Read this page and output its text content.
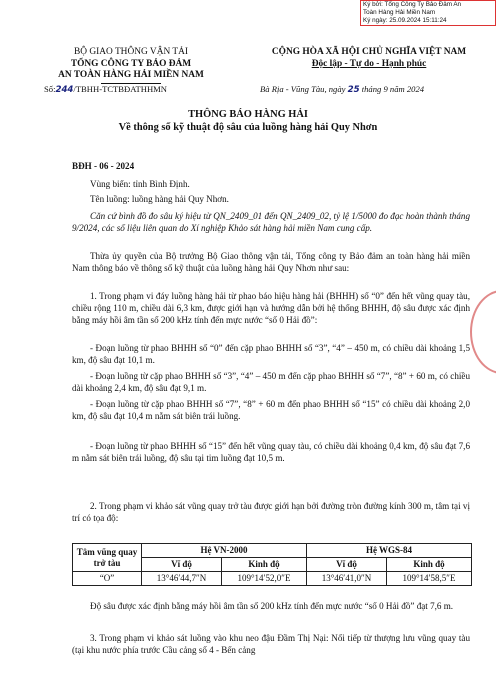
Ký bởi: Tổng Công Ty Bảo Đảm An
Toàn Hàng Hải Miền Nam
Ký ngày: 25.09.2024 15:11:24
BỘ GIAO THÔNG VẬN TẢI
TỔNG CÔNG TY BẢO ĐẢM
AN TOÀN HÀNG HẢI MIỀN NAM
CỘNG HÒA XÃ HỘI CHỦ NGHĨA VIỆT NAM
Độc lập - Tự do - Hạnh phúc
Số:244/TBHH-TCTBĐATHHMN	Bà Rịa - Vũng Tàu, ngày 25 tháng 9 năm 2024
THÔNG BÁO HÀNG HẢI
Về thông số kỹ thuật độ sâu của luồng hàng hải Quy Nhơn
BĐH - 06 - 2024
Vùng biển: tỉnh Bình Định.
Tên luồng: luồng hàng hải Quy Nhơn.
Căn cứ bình đồ đo sâu ký hiệu từ QN_2409_01 đến QN_2409_02, tỷ lệ 1/5000 đo đạc hoàn thành tháng 9/2024, các số liệu liên quan do Xí nghiệp Khảo sát hàng hải miền Nam cung cấp.
Thừa ủy quyền của Bộ trưởng Bộ Giao thông vận tải, Tổng công ty Bảo đảm an toàn hàng hải miền Nam thông báo về thông số kỹ thuật của luồng hàng hải Quy Nhơn như sau:
1. Trong phạm vi đáy luồng hàng hải từ phao báo hiệu hàng hải (BHHH) số “0” đến hết vũng quay tàu, chiều rộng 110 m, chiều dài 6,3 km, được giới hạn và hướng dẫn bởi hệ thống BHHH, độ sâu được xác định bằng máy hồi âm tần số 200 kHz tính đến mực nước “số 0 Hải đồ”:
- Đoạn luồng từ phao BHHH số “0” đến cặp phao BHHH số “3”, “4” – 450 m, có chiều dài khoảng 1,5 km, độ sâu đạt 10,1 m.
- Đoạn luồng từ cặp phao BHHH số “3”, “4” – 450 m đến cặp phao BHHH số “7”, “8” + 60 m, có chiều dài khoảng 2,4 km, độ sâu đạt 9,1 m.
- Đoạn luồng từ cặp phao BHHH số “7”, “8” + 60 m đến phao BHHH số “15” có chiều dài khoảng 2,0 km, độ sâu đạt 10,4 m nằm sát biên trái luồng.
- Đoạn luồng từ phao BHHH số “15” đến hết vũng quay tàu, có chiều dài khoảng 0,4 km, độ sâu đạt 7,6 m nằm sát biên trái luồng, độ sâu tại tim luồng đạt 10,5 m.
2. Trong phạm vi khảo sát vũng quay trở tàu được giới hạn bởi đường tròn đường kính 300 m, tâm tại vị trí có tọa độ:
Tâm vũng quay trở tàu	Hệ VN-2000		Hệ WGS-84	
	Vĩ độ	Kinh độ	Vĩ độ	Kinh độ
“O”	13°46′44,7″N	109°14′52,0″E	13°46′41,0″N	109°14′58,5″E
Độ sâu được xác định bằng máy hồi âm tần số 200 kHz tính đến mực nước “số 0 Hải đồ” đạt 7,6 m.
3. Trong phạm vi khảo sát luồng vào khu neo đậu Đầm Thị Nại: Nối tiếp từ thượng lưu vũng quay tàu (tại khu nước phía trước Cầu cảng số 4 - Bến cảng
